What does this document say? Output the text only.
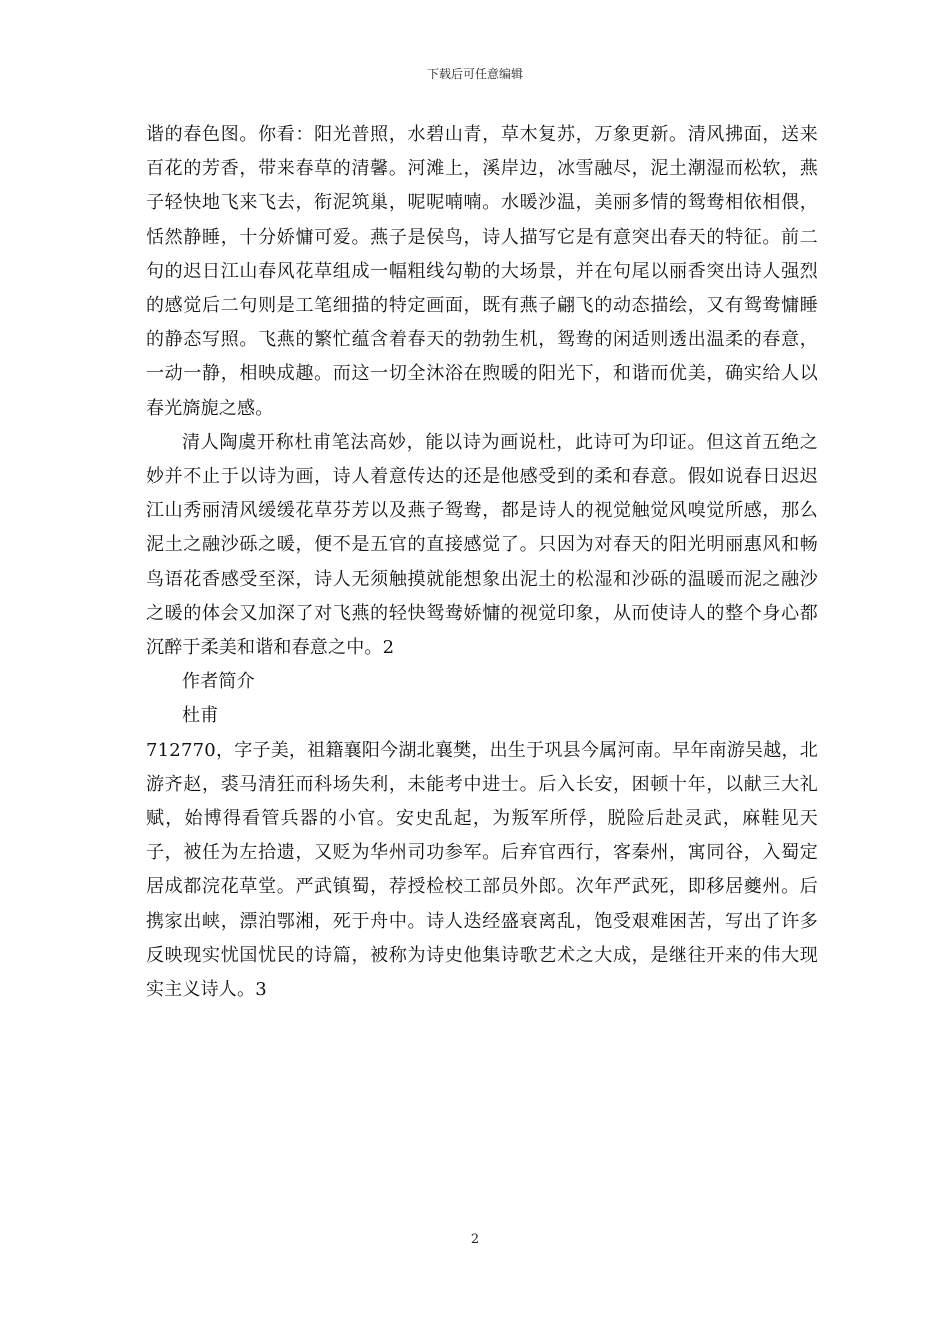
下载后可任意编辑

谐的春色图。你看：阳光普照，水碧山青，草木复苏，万象更新。清风拂面，送来百花的芳香，带来春草的清馨。河滩上，溪岸边，冰雪融尽，泥土潮湿而松软，燕子轻快地飞来飞去，衔泥筑巢，呢呢喃喃。水暖沙温，美丽多情的鸳鸯相依相偎，恬然静睡，十分娇慵可爱。燕子是侯鸟，诗人描写它是有意突出春天的特征。前二句的迟日江山春风花草组成一幅粗线勾勒的大场景，并在句尾以丽香突出诗人强烈的感觉后二句则是工笔细描的特定画面，既有燕子翩飞的动态描绘，又有鸳鸯慵睡的静态写照。飞燕的繁忙蕴含着春天的勃勃生机，鸳鸯的闲适则透出温柔的春意，一动一静，相映成趣。而这一切全沐浴在煦暖的阳光下，和谐而优美，确实给人以春光旖旎之感。

清人陶虞开称杜甫笔法高妙，能以诗为画说杜，此诗可为印证。但这首五绝之妙并不止于以诗为画，诗人着意传达的还是他感受到的柔和春意。假如说春日迟迟江山秀丽清风缓缓花草芬芳以及燕子鸳鸯，都是诗人的视觉触觉风嗅觉所感，那么泥土之融沙砾之暖，便不是五官的直接感觉了。只因为对春天的阳光明丽惠风和畅鸟语花香感受至深，诗人无须触摸就能想象出泥土的松湿和沙砾的温暖而泥之融沙之暖的体会又加深了对飞燕的轻快鸳鸯娇慵的视觉印象，从而使诗人的整个身心都沉醉于柔美和谐和春意之中。2

作者简介

杜甫

712770，字子美，祖籍襄阳今湖北襄樊，出生于巩县今属河南。早年南游吴越，北游齐赵，裘马清狂而科场失利，未能考中进士。后入长安，困顿十年，以献三大礼赋，始博得看管兵器的小官。安史乱起，为叛军所俘，脱险后赴灵武，麻鞋见天子，被任为左拾遗，又贬为华州司功参军。后弃官西行，客秦州，寓同谷，入蜀定居成都浣花草堂。严武镇蜀，荐授检校工部员外郎。次年严武死，即移居夔州。后携家出峡，漂泊鄂湘，死于舟中。诗人迭经盛衰离乱，饱受艰难困苦，写出了许多反映现实忧国忧民的诗篇，被称为诗史他集诗歌艺术之大成，是继往开来的伟大现实主义诗人。3

2
